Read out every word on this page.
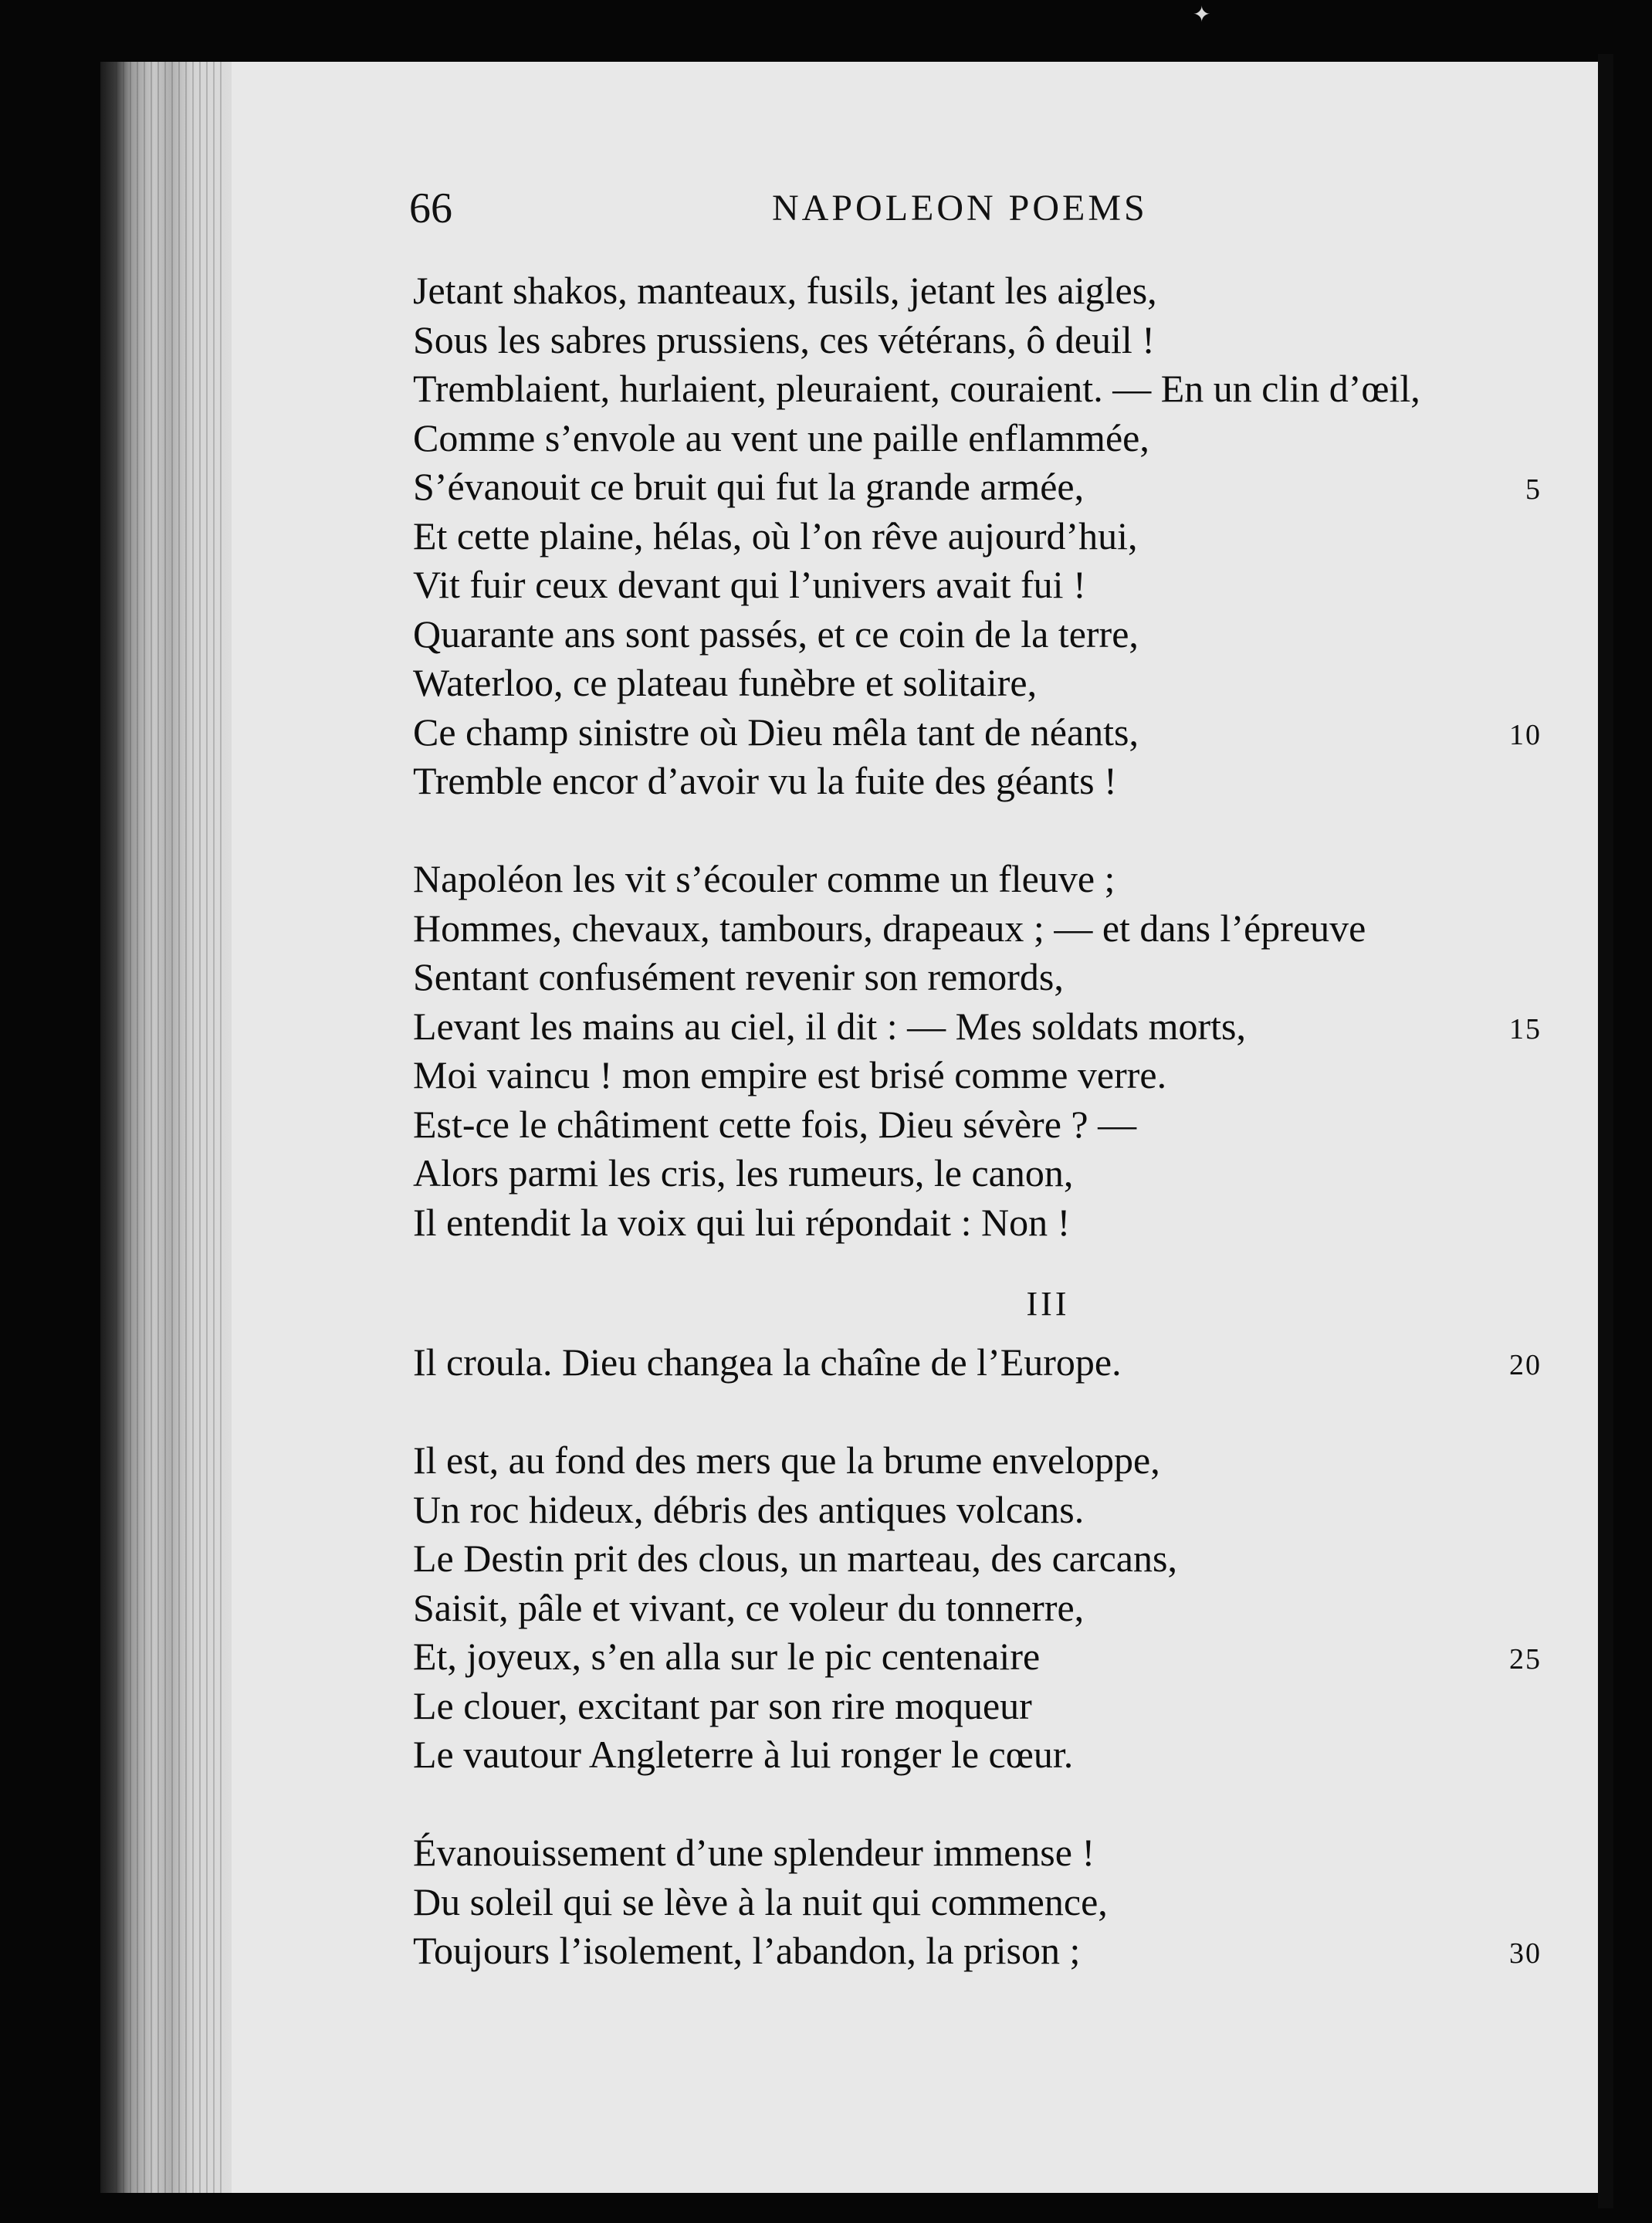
✦
66	NAPOLEON POEMS
Jetant shakos, manteaux, fusils, jetant les aigles,
Sous les sabres prussiens, ces vétérans, ô deuil !
Tremblaient, hurlaient, pleuraient, couraient. — En un clin d’œil,
Comme s’envole au vent une paille enflammée,
S’évanouit ce bruit qui fut la grande armée,	5
Et cette plaine, hélas, où l’on rêve aujourd’hui,
Vit fuir ceux devant qui l’univers avait fui !
Quarante ans sont passés, et ce coin de la terre,
Waterloo, ce plateau funèbre et solitaire,
Ce champ sinistre où Dieu mêla tant de néants,	10
Tremble encor d’avoir vu la fuite des géants !
Napoléon les vit s’écouler comme un fleuve ;
Hommes, chevaux, tambours, drapeaux ; — et dans l’épreuve
Sentant confusément revenir son remords,
Levant les mains au ciel, il dit : — Mes soldats morts,	15
Moi vaincu ! mon empire est brisé comme verre.
Est-ce le châtiment cette fois, Dieu sévère ? —
Alors parmi les cris, les rumeurs, le canon,
Il entendit la voix qui lui répondait : Non !
III
Il croula. Dieu changea la chaîne de l’Europe.	20
Il est, au fond des mers que la brume enveloppe,
Un roc hideux, débris des antiques volcans.
Le Destin prit des clous, un marteau, des carcans,
Saisit, pâle et vivant, ce voleur du tonnerre,
Et, joyeux, s’en alla sur le pic centenaire	25
Le clouer, excitant par son rire moqueur
Le vautour Angleterre à lui ronger le cœur.
Évanouissement d’une splendeur immense !
Du soleil qui se lève à la nuit qui commence,
Toujours l’isolement, l’abandon, la prison ;	30
